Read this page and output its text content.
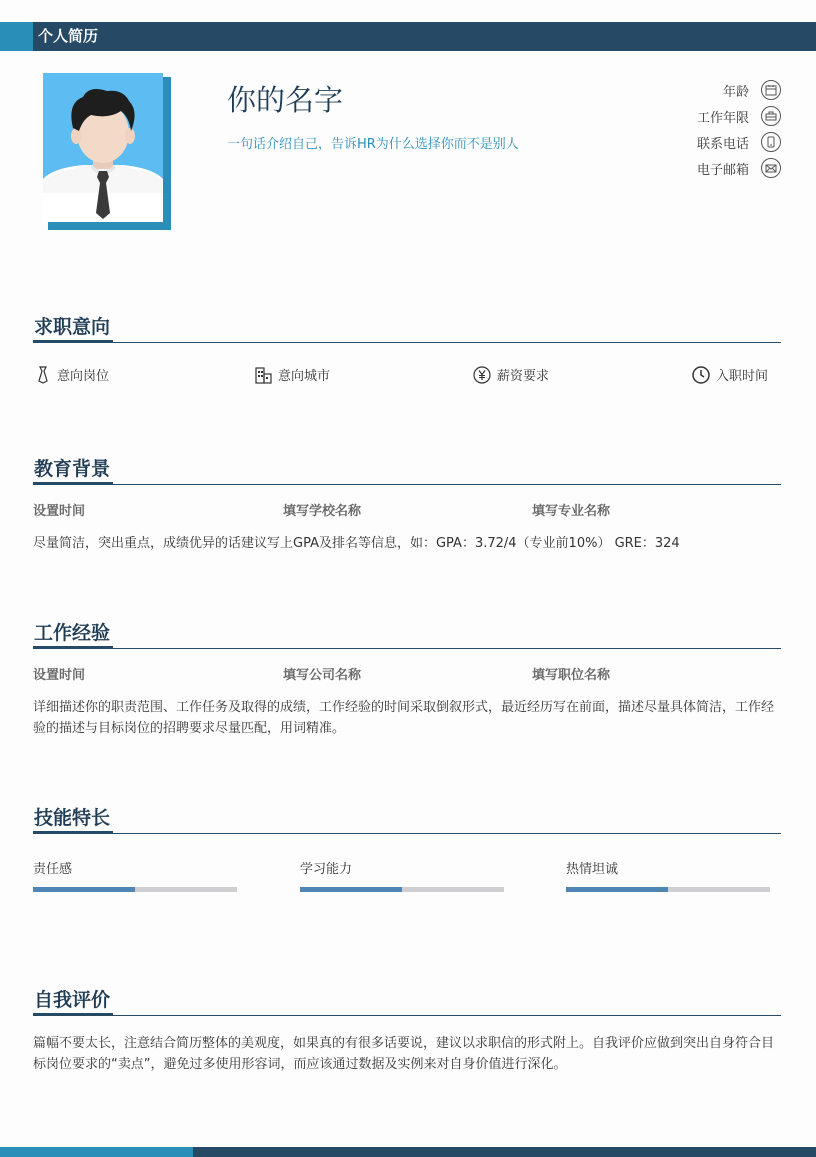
个人简历
你的名字
一句话介绍自己，告诉HR为什么选择你而不是别人
年龄
工作年限
联系电话
电子邮箱
求职意向
意向岗位	意向城市	薪资要求	入职时间
教育背景
设置时间	填写学校名称	填写专业名称
尽量简洁，突出重点，成绩优异的话建议写上GPA及排名等信息，如：GPA：3.72/4（专业前10%） GRE：324
工作经验
设置时间	填写公司名称	填写职位名称
详细描述你的职责范围、工作任务及取得的成绩，工作经验的时间采取倒叙形式，最近经历写在前面，描述尽量具体简洁，工作经验的描述与目标岗位的招聘要求尽量匹配，用词精准。
技能特长
责任感	学习能力	热情坦诚
自我评价
篇幅不要太长，注意结合简历整体的美观度，如果真的有很多话要说，建议以求职信的形式附上。自我评价应做到突出自身符合目标岗位要求的“卖点”，避免过多使用形容词，而应该通过数据及实例来对自身价值进行深化。
